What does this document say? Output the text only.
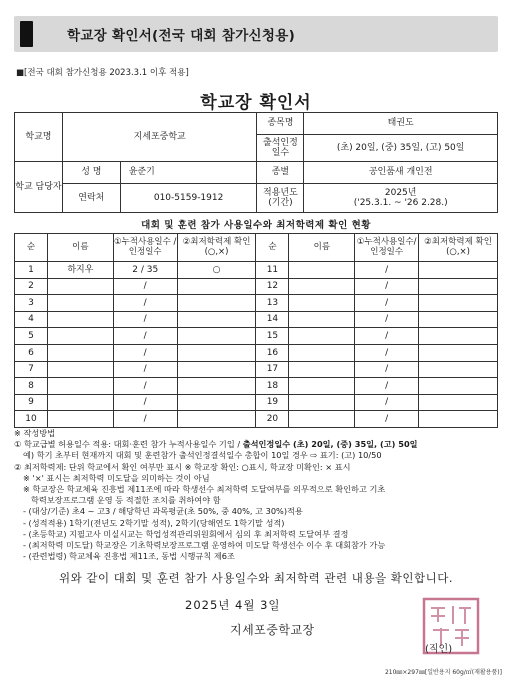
학교장 확인서(전국 대회 참가신청용)
■[전국 대회 참가신청용 2023.3.1 이후 적용]
학교장 확인서
학교명	지세포중학교		종목명	태권도
			출석인정 일수	(초) 20일, (중) 35일, (고) 50일
학교 담당자	성 명	윤준기	종별	공인품새 개인전
	연락처	010-5159-1912	적용년도 (기간)	2025년
('25.3.1. ~ '26 2.28.)
대회 및 훈련 참가 사용일수와 최저학력제 확인 현황
순	이름	①누적사용일수 /인정일수	②최저학력제 확인(○,×)	순	이름	①누적사용일수/ 인정일수	②최저학력제 확인(○,×)
1	하지우	2 / 35	○	11		/	
2		/		12		/	
3		/		13		/	
4		/		14		/	
5		/		15		/	
6		/		16		/	
7		/		17		/	
8		/		18		/	
9		/		19		/	
10		/		20		/	
※ 작성방법
① 학교급별 허용일수 적용: 대회·훈련 참가 누적사용일수 기입 / 출석인정일수 (초) 20일, (중) 35일, (고) 50일
예) 학기 초부터 현재까지 대회 및 훈련참가 출석인정결석일수 총합이 10일 경우 ⇨ 표기: (고) 10/50
② 최저학력제: 단위 학교에서 확인 여부만 표시 ※ 학교장 확인: ○표시, 학교장 미확인: × 표시
※ '×' 표시는 최저학력 미도달을 의미하는 것이 아님
※ 학교장은 학교체육 진흥법 제11조에 따라 학생선수 최저학력 도달여부를 의무적으로 확인하고 기초
학력보장프로그램 운영 등 적절한 조치를 취하여야 함
- (대상/기준) 초4 ~ 고3 / 해당학년 과목평균(초 50%, 중 40%, 고 30%)적용
- (성적적용) 1학기(전년도 2학기말 성적), 2학기(당해연도 1학기말 성적)
- (초등학교) 지필고사 미실시교는 학업성적관리위원회에서 심의 후 최저학력 도달여부 결정
- (최저학력 미도달) 학교장은 기초학력보장프로그램 운영하여 미도달 학생선수 이수 후 대회참가 가능
- (관련법령) 학교체육 진흥법 제11조, 동법 시행규칙 제6조
위와 같이 대회 및 훈련 참가 사용일수와 최저학력 관련 내용을 확인합니다.
2025년 4월 3일
지세포중학교장
(직인)
210㎜×297㎜[일반용지 60g/㎡(재활용품)]
